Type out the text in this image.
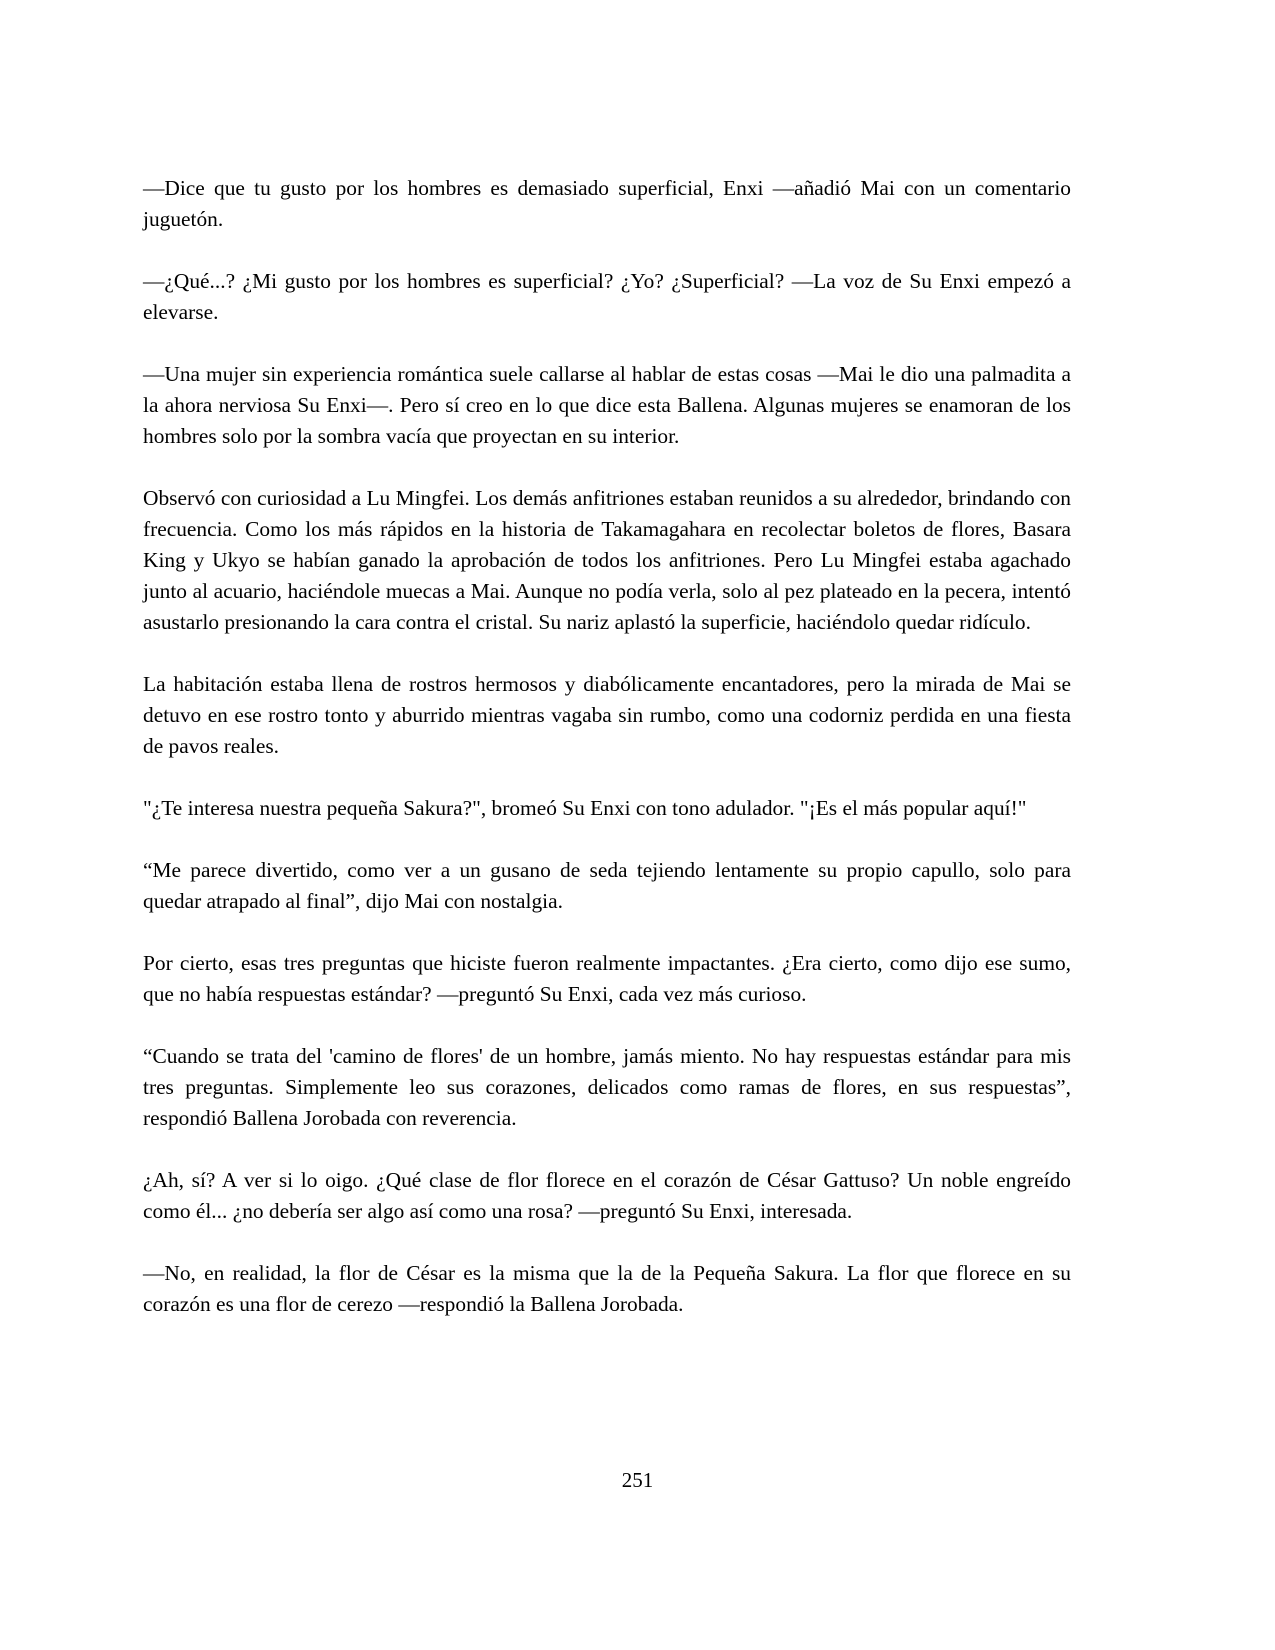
—Dice que tu gusto por los hombres es demasiado superficial, Enxi —añadió Mai con un comentario juguetón.

—¿Qué...? ¿Mi gusto por los hombres es superficial? ¿Yo? ¿Superficial? —La voz de Su Enxi empezó a elevarse.

—Una mujer sin experiencia romántica suele callarse al hablar de estas cosas —Mai le dio una palmadita a la ahora nerviosa Su Enxi—. Pero sí creo en lo que dice esta Ballena. Algunas mujeres se enamoran de los hombres solo por la sombra vacía que proyectan en su interior.

Observó con curiosidad a Lu Mingfei. Los demás anfitriones estaban reunidos a su alrededor, brindando con frecuencia. Como los más rápidos en la historia de Takamagahara en recolectar boletos de flores, Basara King y Ukyo se habían ganado la aprobación de todos los anfitriones. Pero Lu Mingfei estaba agachado junto al acuario, haciéndole muecas a Mai. Aunque no podía verla, solo al pez plateado en la pecera, intentó asustarlo presionando la cara contra el cristal. Su nariz aplastó la superficie, haciéndolo quedar ridículo.

La habitación estaba llena de rostros hermosos y diabólicamente encantadores, pero la mirada de Mai se detuvo en ese rostro tonto y aburrido mientras vagaba sin rumbo, como una codorniz perdida en una fiesta de pavos reales.

"¿Te interesa nuestra pequeña Sakura?", bromeó Su Enxi con tono adulador. "¡Es el más popular aquí!"

“Me parece divertido, como ver a un gusano de seda tejiendo lentamente su propio capullo, solo para quedar atrapado al final”, dijo Mai con nostalgia.

Por cierto, esas tres preguntas que hiciste fueron realmente impactantes. ¿Era cierto, como dijo ese sumo, que no había respuestas estándar? —preguntó Su Enxi, cada vez más curioso.

“Cuando se trata del 'camino de flores' de un hombre, jamás miento. No hay respuestas estándar para mis tres preguntas. Simplemente leo sus corazones, delicados como ramas de flores, en sus respuestas”, respondió Ballena Jorobada con reverencia.

¿Ah, sí? A ver si lo oigo. ¿Qué clase de flor florece en el corazón de César Gattuso? Un noble engreído como él... ¿no debería ser algo así como una rosa? —preguntó Su Enxi, interesada.

—No, en realidad, la flor de César es la misma que la de la Pequeña Sakura. La flor que florece en su corazón es una flor de cerezo —respondió la Ballena Jorobada.

251
